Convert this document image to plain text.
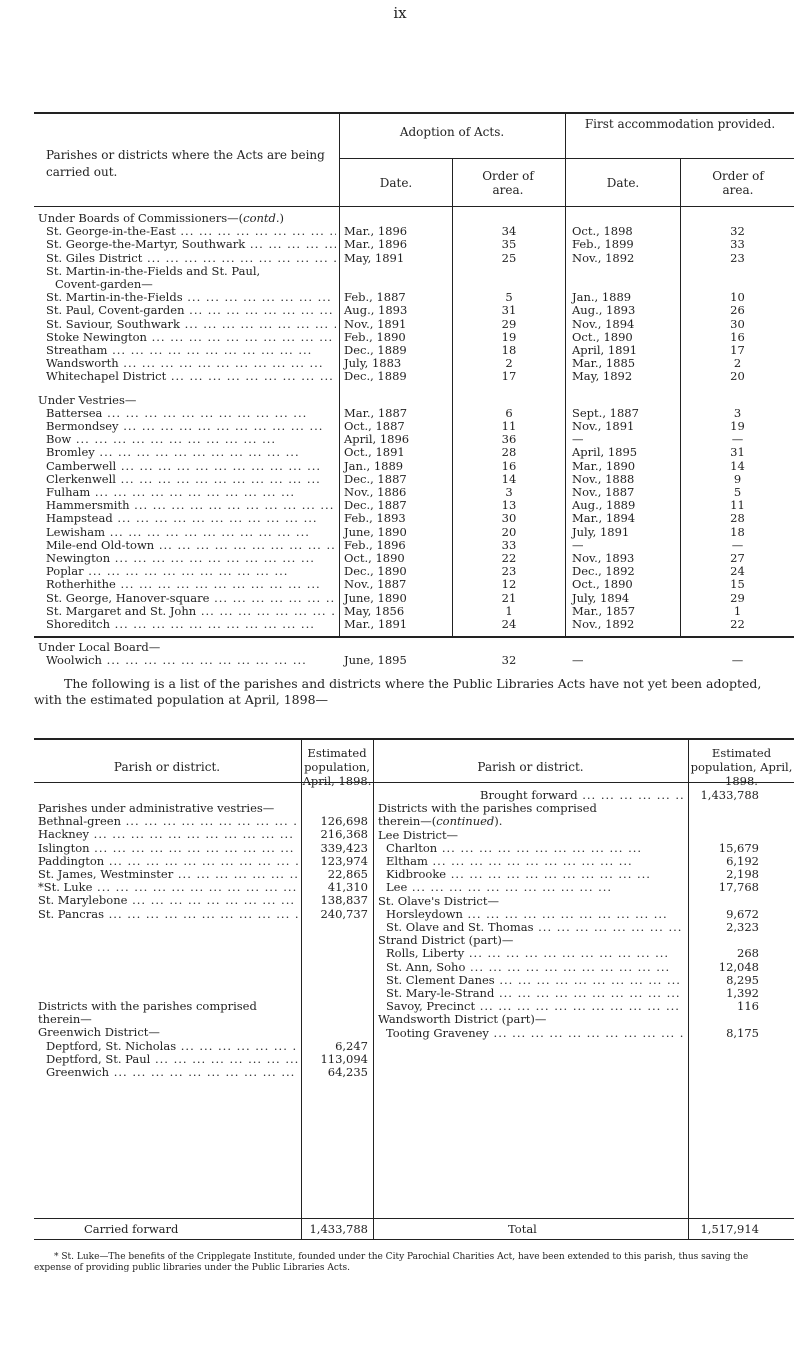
ix
Parishes or districts where the Acts are being carried out.
Adoption of Acts.
First accommodation provided.
Date.	Order of area.	Date.	Order of area.
Under Boards of Commissioners—(contd.)
St. George-in-the-East ... .	Mar., 1896	34	Oct., 1898	32
St. George-the-Martyr, Southwark ... .	Mar., 1896	35	Feb., 1899	33
St. Giles District ... .	May, 1891	25	Nov., 1892	23
St. Martin-in-the-Fields and St. Paul,
Covent-garden—
St. Martin-in-the-Fields ... .	Feb., 1887	5	Jan., 1889	10
St. Paul, Covent-garden ... .	Aug., 1893	31	Aug., 1893	26
St. Saviour, Southwark ... .	Nov., 1891	29	Nov., 1894	30
Stoke Newington ... .	Feb., 1890	19	Oct., 1890	16
Streatham ... .	Dec., 1889	18	April, 1891	17
Wandsworth ... .	July, 1883	2	Mar., 1885	2
Whitechapel District ... .	Dec., 1889	17	May, 1892	20
Under Vestries—
Battersea ... .	Mar., 1887	6	Sept., 1887	3
Bermondsey ... .	Oct., 1887	11	Nov., 1891	19
Bow ... .	April, 1896	36	—	—
Bromley ... .	Oct., 1891	28	April, 1895	31
Camberwell ... .	Jan., 1889	16	Mar., 1890	14
Clerkenwell ... .	Dec., 1887	14	Nov., 1888	9
Fulham ... .	Nov., 1886	3	Nov., 1887	5
Hammersmith ... .	Dec., 1887	13	Aug., 1889	11
Hampstead ... .	Feb., 1893	30	Mar., 1894	28
Lewisham ... .	June, 1890	20	July, 1891	18
Mile-end Old-town ... .	Feb., 1896	33	—	—
Newington ... .	Oct., 1890	22	Nov., 1893	27
Poplar ... .	Dec., 1890	23	Dec., 1892	24
Rotherhithe ... .	Nov., 1887	12	Oct., 1890	15
St. George, Hanover-square ... .	June, 1890	21	July, 1894	29
St. Margaret and St. John ... .	May, 1856	1	Mar., 1857	1
Shoreditch ... .	Mar., 1891	24	Nov., 1892	22
Under Local Board—
Woolwich ... .	June, 1895	32	—	—
The following is a list of the parishes and districts where the Public Libraries Acts have not yet been adopted, with the estimated population at April, 1898—
Parish or district.
Estimated population, April, 1898.
Parish or district.
Estimated population, April, 1898.
Parishes under administrative vestries—
Bethnal-green ... .	126,698
Hackney ... .	216,368
Islington ... .	339,423
Paddington ... .	123,974
St. James, Westminster ... .	22,865
*St. Luke ... .	41,310
St. Marylebone ... .	138,837
St. Pancras ... .	240,737
Districts with the parishes comprised
therein—
Greenwich District—
Deptford, St. Nicholas ... .	6,247
Deptford, St. Paul ... .	113,094
Greenwich ... .	64,235
Brought forward ... .	1,433,788
Districts with the parishes comprised
therein—(continued).
Lee District—
Charlton ... .	15,679
Eltham ... .	6,192
Kidbrooke ... .	2,198
Lee ... .	17,768
St. Olave's District—
Horsleydown ... .	9,672
St. Olave and St. Thomas ... .	2,323
Strand District (part)—
Rolls, Liberty ... .	268
St. Ann, Soho ... .	12,048
St. Clement Danes ... .	8,295
St. Mary-le-Strand ... .	1,392
Savoy, Precinct ... .	116
Wandsworth District (part)—
Tooting Graveney ... .	8,175
Carried forward	1,433,788	Total	1,517,914
* St. Luke—The benefits of the Cripplegate Institute, founded under the City Parochial Charities Act, have been extended to this parish, thus saving the expense of providing public libraries under the Public Libraries Acts.
